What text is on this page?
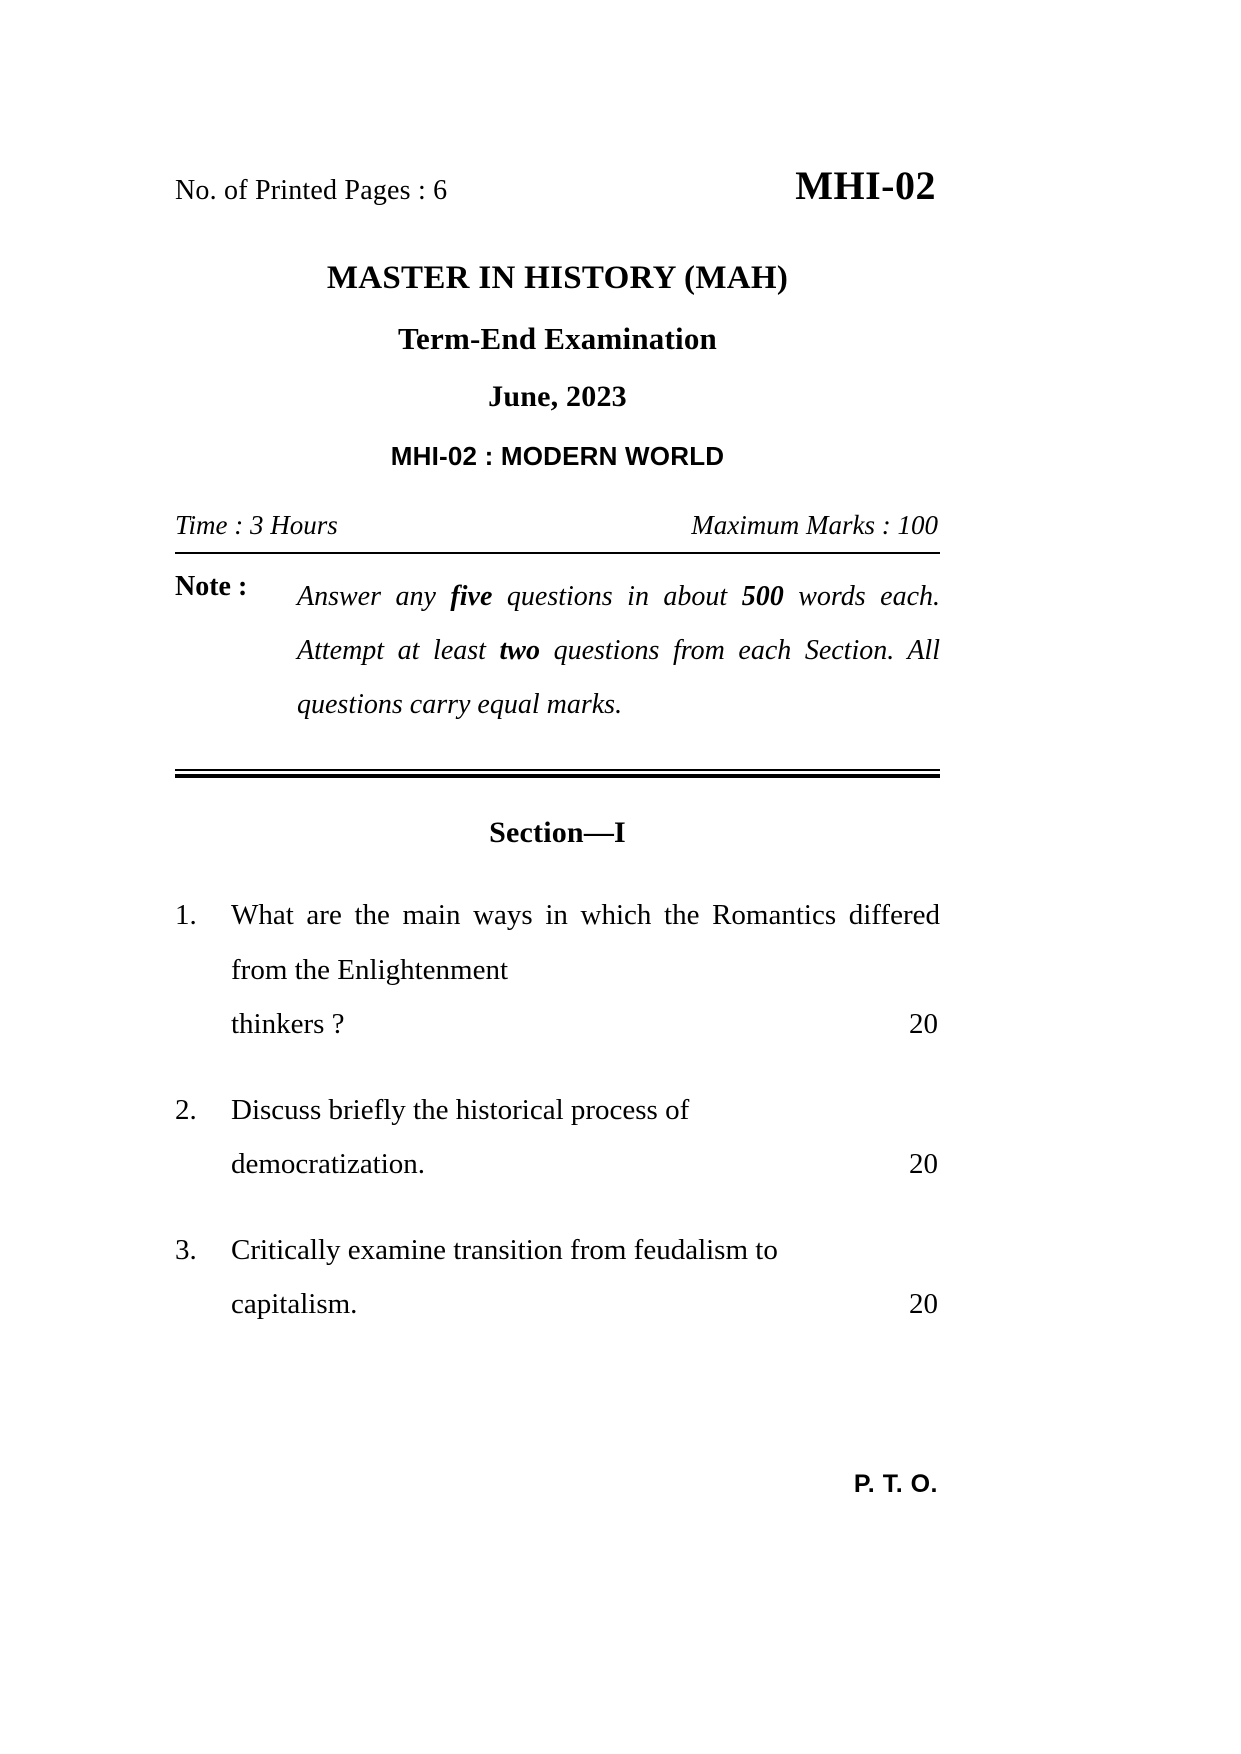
No. of Printed Pages : 6	MHI-02
MASTER IN HISTORY (MAH)
Term-End Examination
June, 2023
MHI-02 : MODERN WORLD
Time : 3 Hours	Maximum Marks : 100
Note :	Answer any five questions in about 500 words each. Attempt at least two questions from each Section. All questions carry equal marks.
Section—I
1.	What are the main ways in which the Romantics differed from the Enlightenment
thinkers ?	20
2.	Discuss briefly the historical process of
democratization.	20
3.	Critically examine transition from feudalism to
capitalism.	20
P. T. O.
